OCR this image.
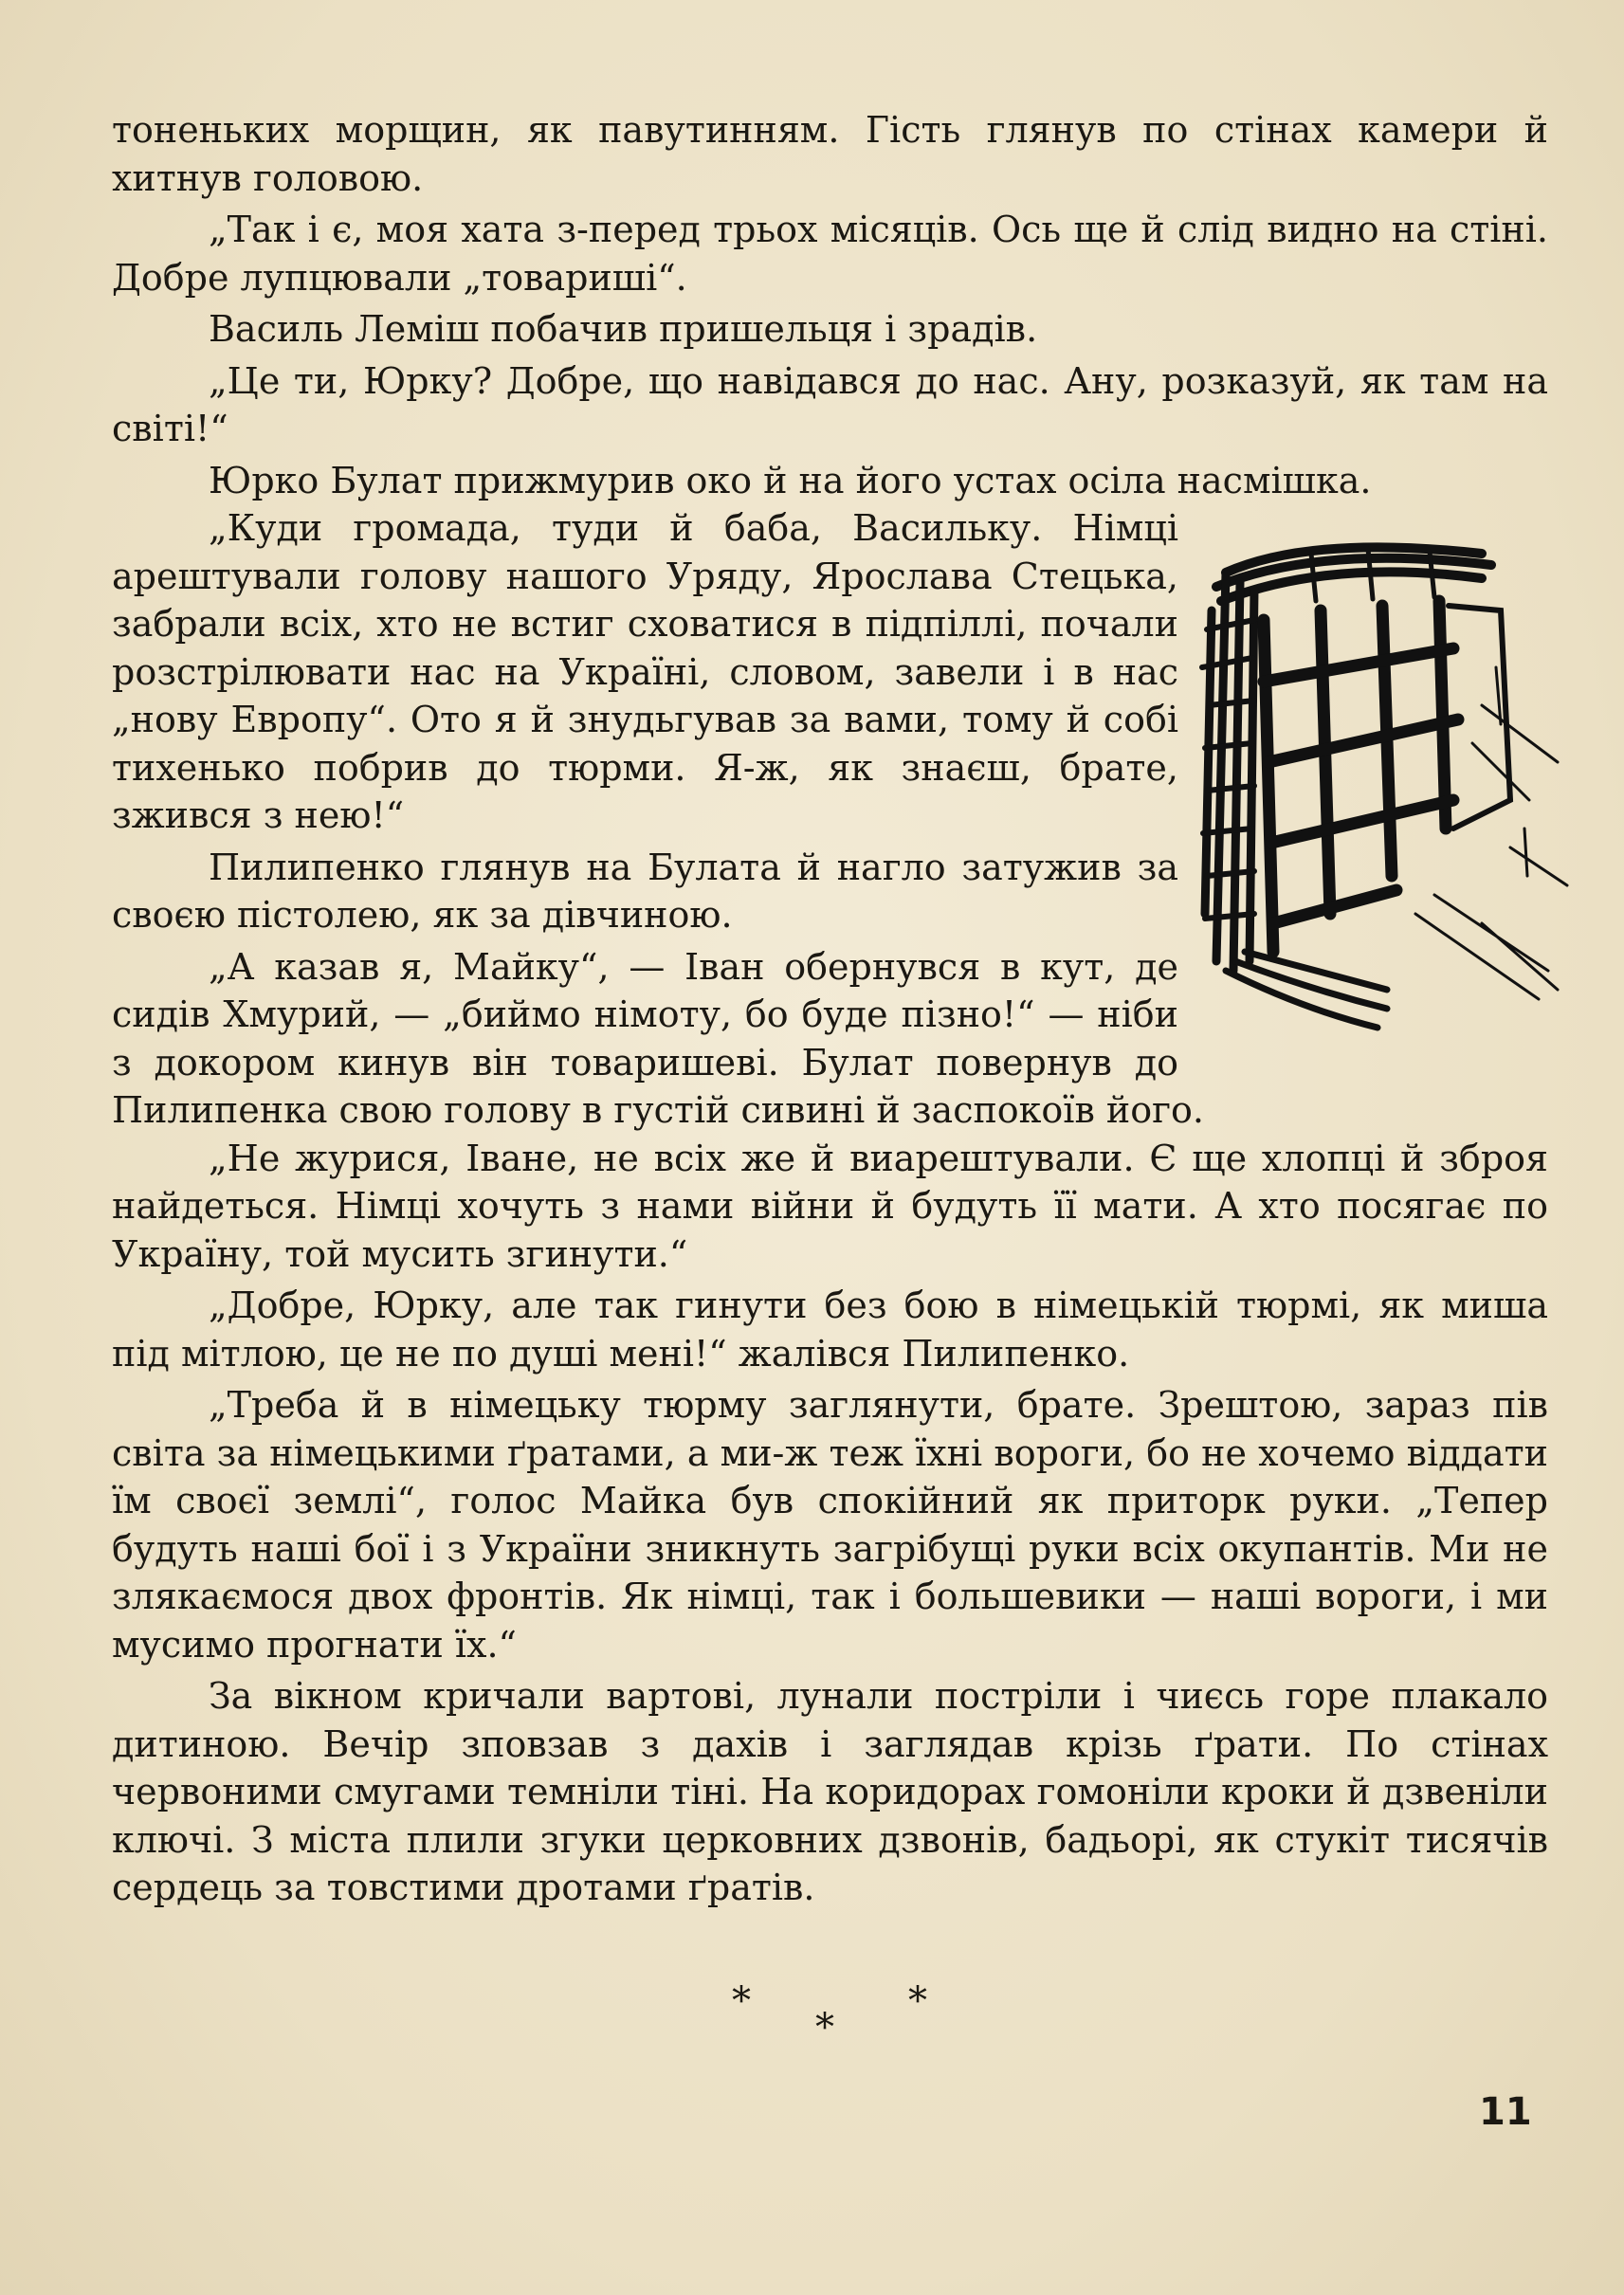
тоненьких морщин, як павутинням. Гість глянув по стінах камери й хитнув головою.

„Так і є, моя хата з-перед трьох місяців. Ось ще й слід видно на стіні. Добре лупцювали „товариші“.

Василь Леміш побачив пришельця і зрадів.

„Це ти, Юрку? Добре, що навідався до нас. Ану, розказуй, як там на світі!“

Юрко Булат прижмурив око й на його устах осіла насмішка.

„Куди громада, туди й баба, Васильку. Німці арештували голову нашого Уряду, Ярослава Стецька, забрали всіх, хто не встиг сховатися в підпіллі, почали розстрілювати нас на Україні, словом, завели і в нас „нову Европу“. Ото я й знудьгував за вами, тому й собі тихенько побрив до тюрми. Я-ж, як знаєш, брате, зжився з нею!“

Пилипенко глянув на Булата й нагло затужив за своєю пістолею, як за дівчиною.

„А казав я, Майку“, — Іван обернувся в кут, де сидів Хмурий, — „биймо німоту, бо буде пізно!“ — ніби з докором кинув він товаришеві. Булат повернув до Пилипенка свою голову в густій сивині й заспокоїв його.

„Не журися, Іване, не всіх же й виарештували. Є ще хлопці й зброя найдеться. Німці хочуть з нами війни й будуть її мати. А хто посягає по Україну, той мусить згинути.“

„Добре, Юрку, але так гинути без бою в німецькій тюрмі, як миша під мітлою, це не по душі мені!“ жалівся Пилипенко.

„Треба й в німецьку тюрму заглянути, брате. Зрештою, зараз пів світа за німецькими ґратами, а ми-ж теж їхні вороги, бо не хочемо віддати їм своєї землі“, голос Майка був спокійний як приторк руки. „Тепер будуть наші бої і з України зникнуть загрібущі руки всіх окупантів. Ми не злякаємося двох фронтів. Як німці, так і большевики — наші вороги, і ми мусимо прогнати їх.“

За вікном кричали вартові, лунали постріли і чиєсь горе плакало дитиною. Вечір зповзав з дахів і заглядав крізь ґрати. По стінах червоними смугами темніли тіні. На коридорах гомоніли кроки й дзвеніли ключі. З міста плили згуки церковних дзвонів, бадьорі, як стукіт тисячів сердець за товстими дротами ґратів.

*	*
*
11
